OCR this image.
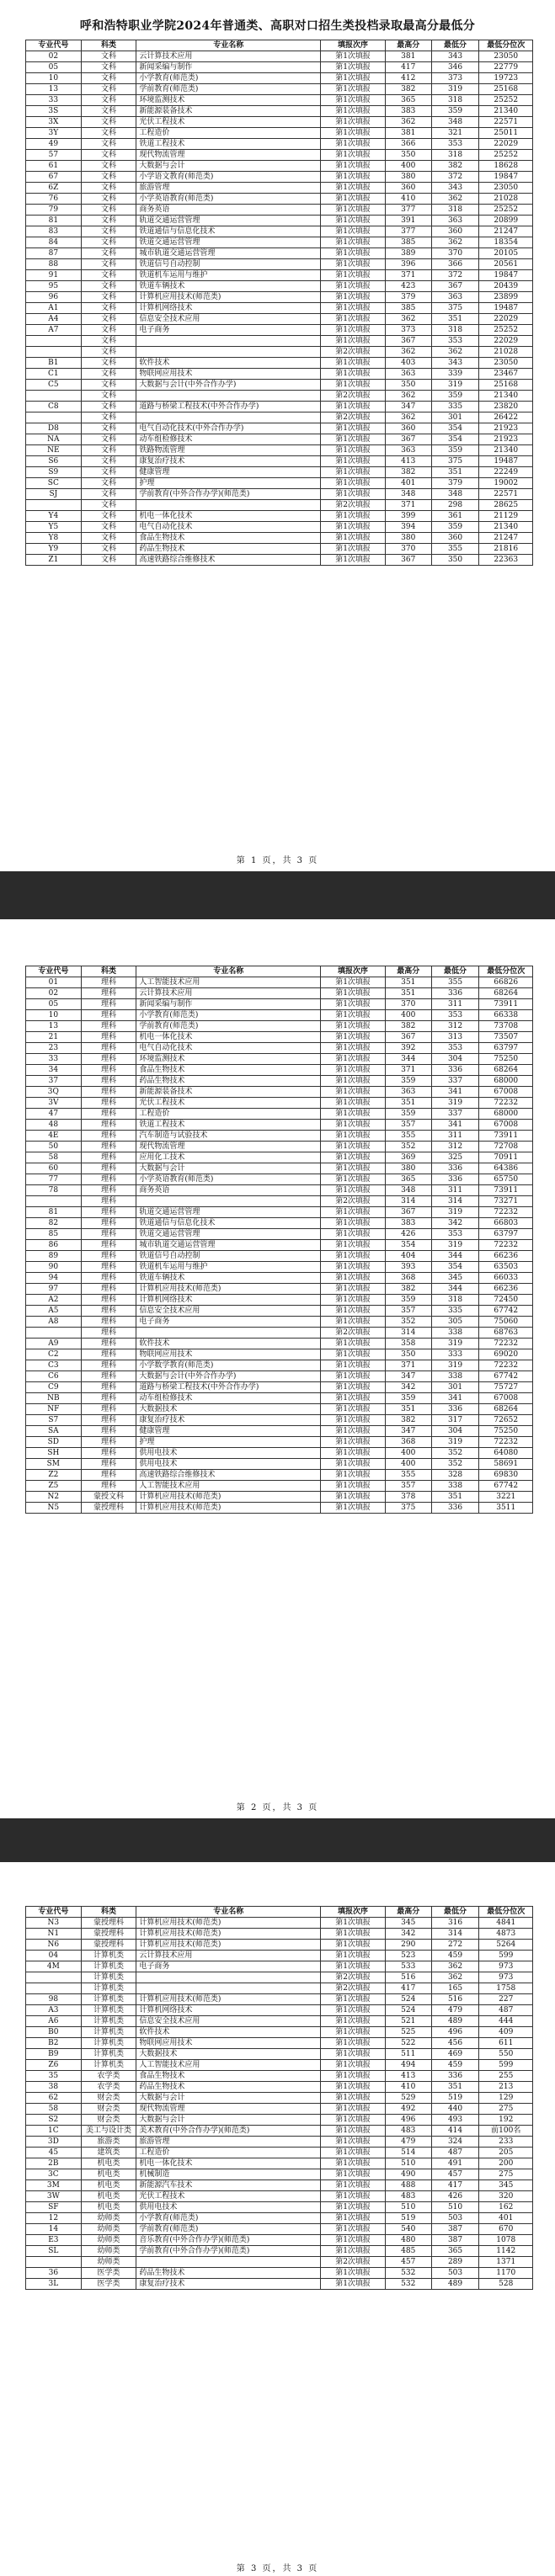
呼和浩特职业学院2024年普通类、高职对口招生类投档录取最高分最低分
专业代号	科类	专业名称	填报次序	最高分	最低分	最低分位次
02	文科	云计算技术应用	第1次填报	381	343	23050
05	文科	新闻采编与制作	第1次填报	417	346	22779
10	文科	小学教育(师范类)	第1次填报	412	373	19723
13	文科	学前教育(师范类)	第1次填报	382	319	25168
33	文科	环境监测技术	第1次填报	365	318	25252
3S	文科	新能源装备技术	第1次填报	383	359	21340
3X	文科	光伏工程技术	第1次填报	362	348	22571
3Y	文科	工程造价	第1次填报	381	321	25011
49	文科	铁道工程技术	第1次填报	366	353	22029
57	文科	现代物流管理	第1次填报	350	318	25252
61	文科	大数据与会计	第1次填报	400	382	18628
67	文科	小学语文教育(师范类)	第1次填报	380	372	19847
6Z	文科	旅游管理	第1次填报	360	343	23050
76	文科	小学英语教育(师范类)	第1次填报	410	362	21028
79	文科	商务英语	第1次填报	377	318	25252
81	文科	轨道交通运营管理	第1次填报	391	363	20899
83	文科	铁道通信与信息化技术	第1次填报	377	360	21247
84	文科	铁道交通运营管理	第1次填报	385	362	18354
87	文科	城市轨道交通运营管理	第1次填报	389	370	20105
88	文科	铁道信号自动控制	第1次填报	396	366	20561
91	文科	铁道机车运用与维护	第1次填报	371	372	19847
95	文科	铁道车辆技术	第1次填报	423	367	20439
96	文科	计算机应用技术(师范类)	第1次填报	379	363	23899
A1	文科	计算机网络技术	第1次填报	385	375	19487
A4	文科	信息安全技术应用	第1次填报	362	351	22029
A7	文科	电子商务	第1次填报	373	318	25252
	文科		第1次填报	367	353	22029
	文科		第2次填报	362	362	21028
B1	文科	软件技术	第1次填报	403	343	23050
C1	文科	物联网应用技术	第1次填报	363	339	23467
C5	文科	大数据与会计(中外合作办学)	第1次填报	350	319	25168
	文科		第2次填报	362	359	21340
C8	文科	道路与桥梁工程技术(中外合作办学)	第1次填报	347	335	23820
	文科		第2次填报	362	301	26422
D8	文科	电气自动化技术(中外合作办学)	第1次填报	360	354	21923
NA	文科	动车组检修技术	第1次填报	367	354	21923
NE	文科	铁路物流管理	第1次填报	363	359	21340
S6	文科	康复治疗技术	第1次填报	413	375	19487
S9	文科	健康管理	第1次填报	382	351	22249
SC	文科	护理	第1次填报	401	379	19002
SJ	文科	学前教育(中外合作办学)(师范类)	第1次填报	348	348	22571
	文科		第2次填报	371	298	28625
Y4	文科	机电一体化技术	第1次填报	399	361	21129
Y5	文科	电气自动化技术	第1次填报	394	359	21340
Y8	文科	食品生物技术	第1次填报	380	360	21247
Y9	文科	药品生物技术	第1次填报	370	355	21816
Z1	文科	高速铁路综合维修技术	第1次填报	367	350	22363
第 1 页，共 3 页
专业代号	科类	专业名称	填报次序	最高分	最低分	最低分位次
01	理科	人工智能技术应用	第1次填报	351	355	66826
02	理科	云计算技术应用	第1次填报	351	336	68264
05	理科	新闻采编与制作	第1次填报	370	311	73911
10	理科	小学教育(师范类)	第1次填报	400	353	66338
13	理科	学前教育(师范类)	第1次填报	382	312	73708
21	理科	机电一体化技术	第1次填报	367	313	73507
23	理科	电气自动化技术	第1次填报	392	353	63797
33	理科	环境监测技术	第1次填报	344	304	75250
34	理科	食品生物技术	第1次填报	371	336	68264
37	理科	药品生物技术	第1次填报	359	337	68000
3Q	理科	新能源装备技术	第1次填报	363	341	67008
3V	理科	光伏工程技术	第1次填报	351	319	72232
47	理科	工程造价	第1次填报	359	337	68000
48	理科	铁道工程技术	第1次填报	357	341	67008
4E	理科	汽车制造与试验技术	第1次填报	355	311	73911
50	理科	现代物流管理	第1次填报	352	312	72708
58	理科	应用化工技术	第1次填报	369	325	70911
60	理科	大数据与会计	第1次填报	380	336	64386
77	理科	小学英语教育(师范类)	第1次填报	365	336	65750
78	理科	商务英语	第1次填报	348	311	73911
	理科		第2次填报	314	314	73271
81	理科	轨道交通运营管理	第1次填报	367	319	72232
82	理科	铁道通信与信息化技术	第1次填报	383	342	66803
85	理科	铁道交通运营管理	第1次填报	426	353	63797
86	理科	城市轨道交通运营管理	第1次填报	354	319	72232
89	理科	铁道信号自动控制	第1次填报	404	344	66236
90	理科	铁道机车运用与维护	第1次填报	393	354	63503
94	理科	铁道车辆技术	第1次填报	368	345	66033
97	理科	计算机应用技术(师范类)	第1次填报	382	344	66236
A2	理科	计算机网络技术	第1次填报	359	318	72450
A5	理科	信息安全技术应用	第1次填报	357	335	67742
A8	理科	电子商务	第1次填报	352	305	75060
	理科		第2次填报	314	338	68763
A9	理科	软件技术	第1次填报	358	319	72232
C2	理科	物联网应用技术	第1次填报	350	333	69020
C3	理科	小学数学教育(师范类)	第1次填报	371	319	72232
C6	理科	大数据与会计(中外合作办学)	第1次填报	347	338	67742
C9	理科	道路与桥梁工程技术(中外合作办学)	第1次填报	342	301	75727
NB	理科	动车组检修技术	第1次填报	359	341	67008
NF	理科	大数据技术	第1次填报	351	336	68264
S7	理科	康复治疗技术	第1次填报	382	317	72652
SA	理科	健康管理	第1次填报	347	304	75250
SD	理科	护理	第1次填报	368	319	72232
SH	理科	供用电技术	第1次填报	400	352	64080
SM	理科	供用电技术	第1次填报	400	352	58691
Z2	理科	高速铁路综合维修技术	第1次填报	355	328	69830
Z5	理科	人工智能技术应用	第1次填报	357	338	67742
N2	蒙授文科	计算机应用技术(师范类)	第1次填报	378	351	3221
N5	蒙授理科	计算机应用技术(师范类)	第1次填报	375	336	3511
第 2 页，共 3 页
专业代号	科类	专业名称	填报次序	最高分	最低分	最低分位次
N3	蒙授理科	计算机应用技术(师范类)	第1次填报	345	316	4841
N1	蒙授理科	计算机应用技术(师范类)	第1次填报	342	314	4873
N6	蒙授理科	计算机应用技术(师范类)	第1次填报	290	272	5264
04	计算机类	云计算技术应用	第1次填报	523	459	599
4M	计算机类	电子商务	第1次填报	533	362	973
	计算机类		第2次填报	516	362	973
	计算机类		第2次填报	417	165	1758
98	计算机类	计算机应用技术(师范类)	第1次填报	524	516	227
A3	计算机类	计算机网络技术	第1次填报	524	479	487
A6	计算机类	信息安全技术应用	第1次填报	521	489	444
B0	计算机类	软件技术	第1次填报	525	496	409
B2	计算机类	物联网应用技术	第1次填报	522	456	611
B9	计算机类	大数据技术	第1次填报	511	469	550
Z6	计算机类	人工智能技术应用	第1次填报	494	459	599
35	农学类	食品生物技术	第1次填报	413	336	255
38	农学类	药品生物技术	第1次填报	410	351	213
62	财会类	大数据与会计	第1次填报	529	519	129
58	财会类	现代物流管理	第1次填报	492	440	275
S2	财会类	大数据与会计	第1次填报	496	493	192
1C	美工与设计类	美术教育(中外合作办学)(师范类)	第1次填报	483	414	前100名
3D	旅游类	旅游管理	第1次填报	479	324	233
45	建筑类	工程造价	第1次填报	514	487	205
2B	机电类	机电一体化技术	第1次填报	510	491	200
3C	机电类	机械制造	第1次填报	490	457	275
3M	机电类	新能源汽车技术	第1次填报	488	417	345
3W	机电类	光伏工程技术	第1次填报	483	426	320
SF	机电类	供用电技术	第1次填报	510	510	162
12	幼师类	小学教育(师范类)	第1次填报	519	503	401
14	幼师类	学前教育(师范类)	第1次填报	540	387	670
E3	幼师类	音乐教育(中外合作办学)(师范类)	第1次填报	480	387	1078
SL	幼师类	学前教育(中外合作办学)(师范类)	第1次填报	485	365	1142
	幼师类		第2次填报	457	289	1371
36	医学类	药品生物技术	第1次填报	532	503	1170
3L	医学类	康复治疗技术	第1次填报	532	489	528
第 3 页，共 3 页
